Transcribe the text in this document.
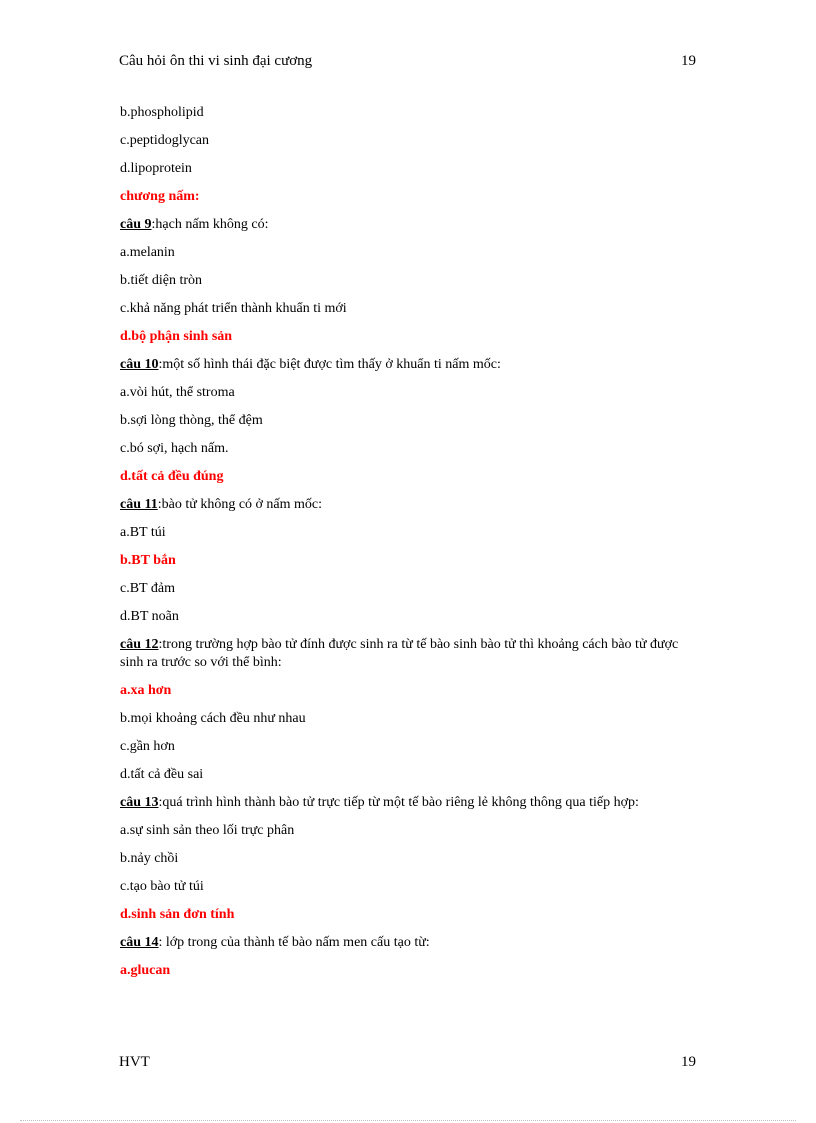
Câu hỏi ôn thi vi sinh đại cương	19
b.phospholipid
c.peptidoglycan
d.lipoprotein
chương nấm:
câu 9:hạch nấm không có:
a.melanin
b.tiết diện tròn
c.khả năng phát triển thành khuẩn ti mới
d.bộ phận sinh sản
câu 10:một số hình thái đặc biệt được tìm thấy ở khuẩn ti nấm mốc:
a.vòi hút, thể stroma
b.sợi lòng thòng, thể đệm
c.bó sợi, hạch nấm.
d.tất cả đều đúng
câu 11:bào tử không có ở nấm mốc:
a.BT túi
b.BT bắn
c.BT đảm
d.BT noãn
câu 12:trong trường hợp bào tử đính được sinh ra từ tế bào sinh bào tử thì khoảng cách bào tử được sinh ra trước so với thể bình:
a.xa hơn
b.mọi khoảng cách đều như nhau
c.gần hơn
d.tất cả đều sai
câu 13:quá trình hình thành bào tử trực tiếp từ một tế bào riêng lẻ không thông qua tiếp hợp:
a.sự sinh sản theo lối trực phân
b.nảy chồi
c.tạo bào tử túi
d.sinh sản đơn tính
câu 14: lớp trong của thành tế bào nấm men cấu tạo từ:
a.glucan
HVT	19
